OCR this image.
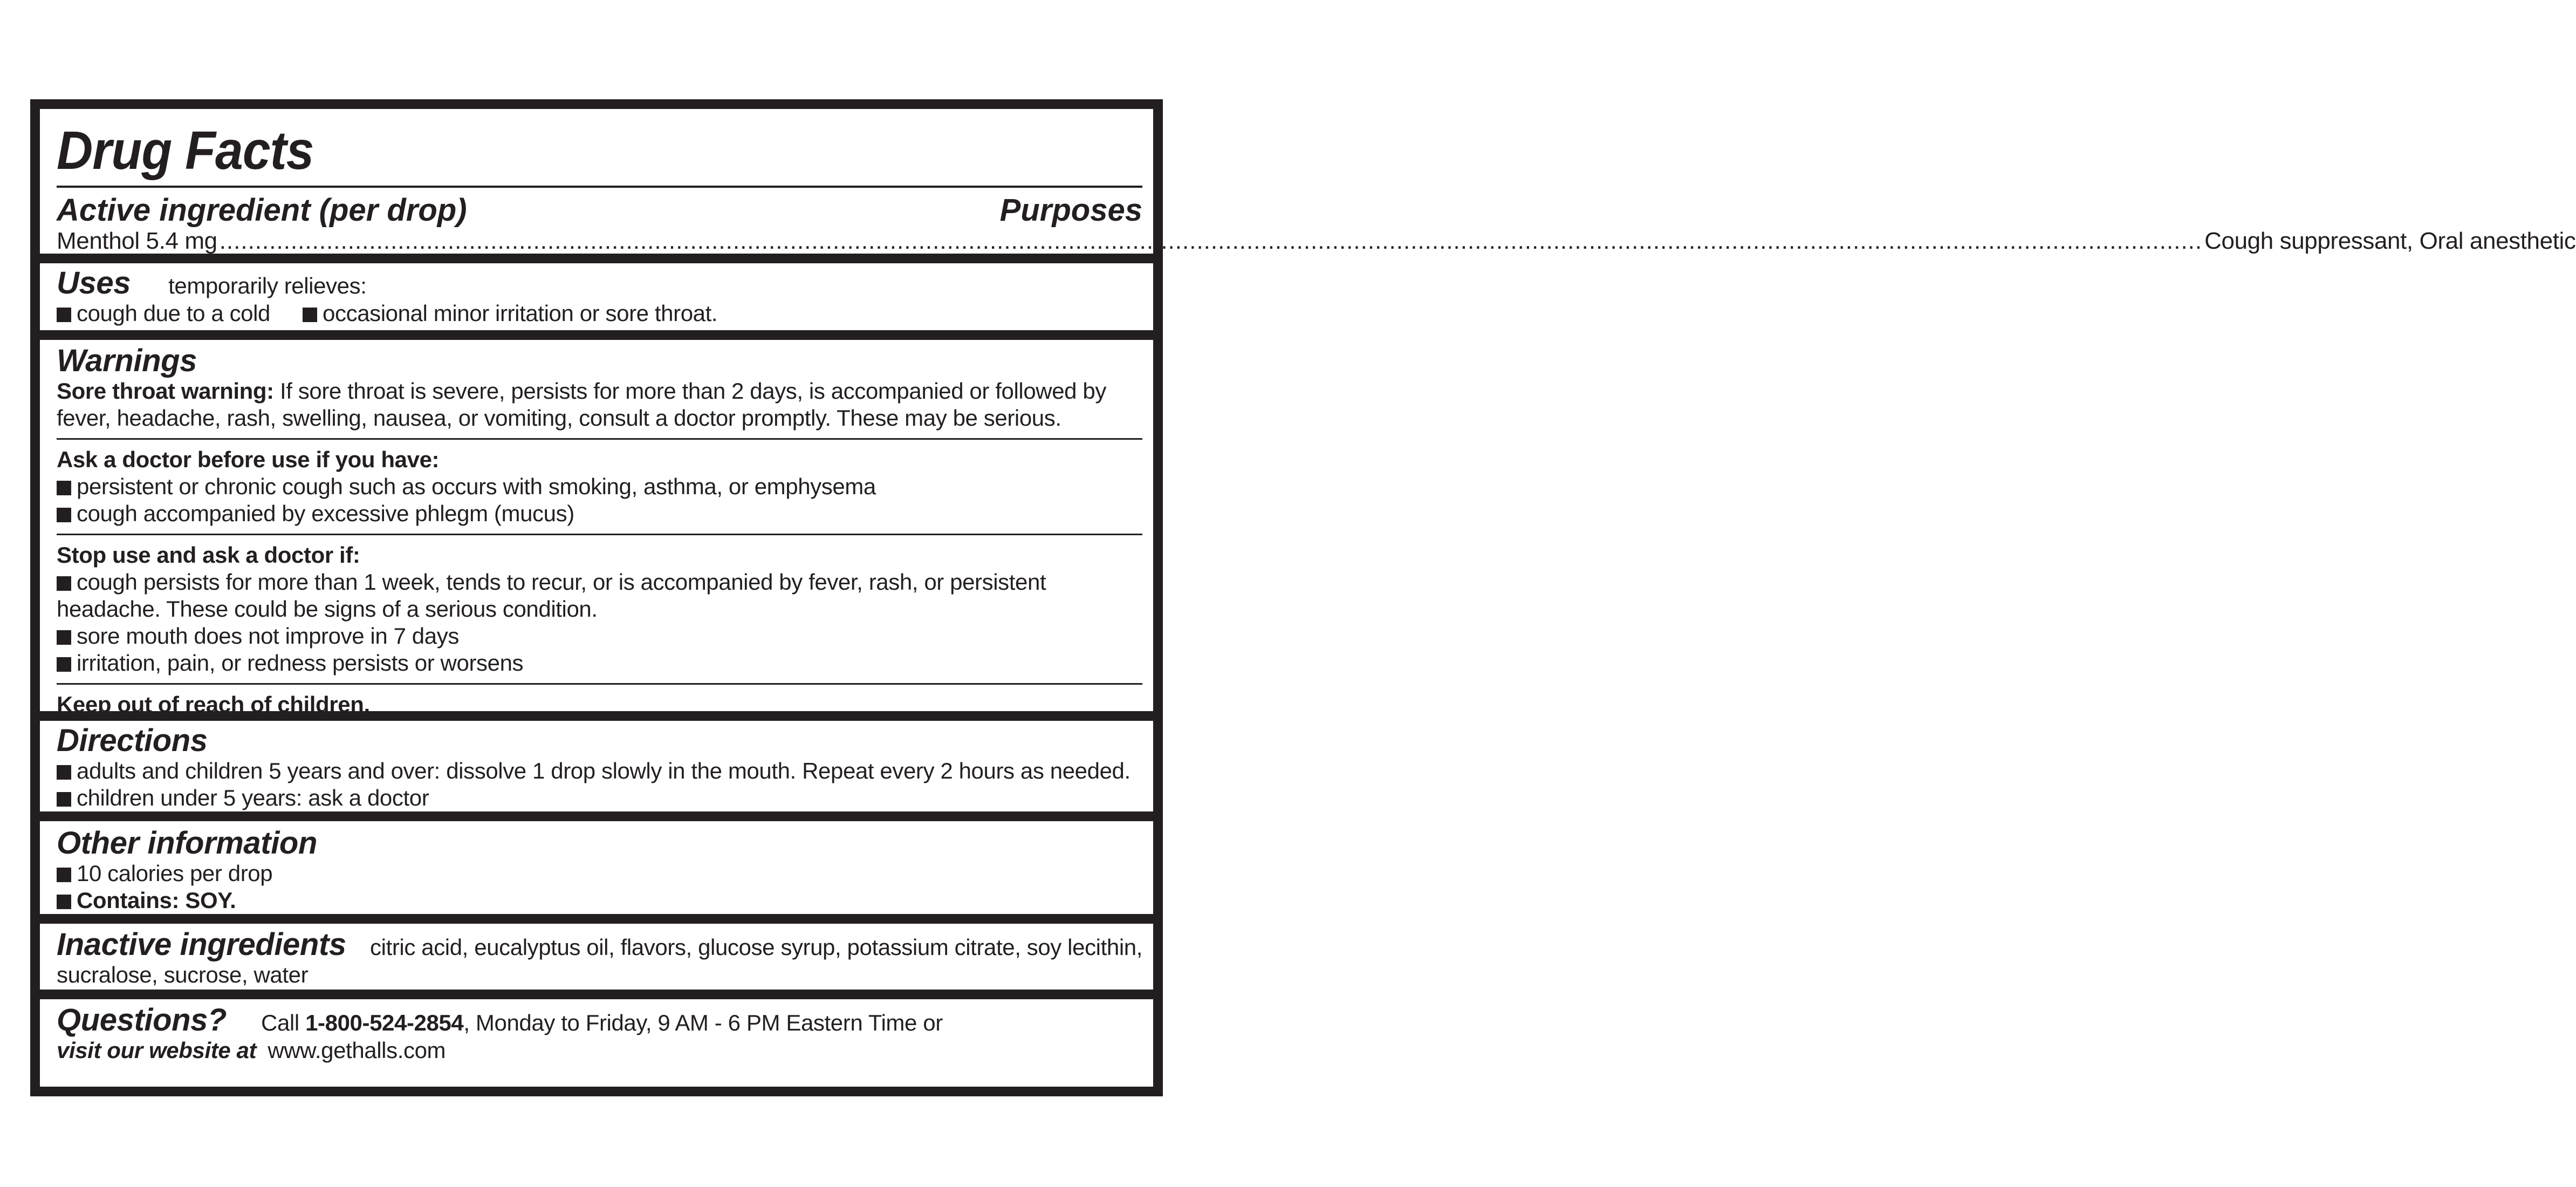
Drug Facts
Active ingredient (per drop)	Purposes
Menthol 5.4 mg ...................................................................................................................................................................................................................................................................................... Cough suppressant, Oral anesthetic
Uses temporarily relieves:
cough due to a cold occasional minor irritation or sore throat.
Warnings
Sore throat warning: If sore throat is severe, persists for more than 2 days, is accompanied or followed by fever, headache, rash, swelling, nausea, or vomiting, consult a doctor promptly. These may be serious.
Ask a doctor before use if you have:
persistent or chronic cough such as occurs with smoking, asthma, or emphysema
cough accompanied by excessive phlegm (mucus)
Stop use and ask a doctor if:
cough persists for more than 1 week, tends to recur, or is accompanied by fever, rash, or persistent headache. These could be signs of a serious condition.
sore mouth does not improve in 7 days
irritation, pain, or redness persists or worsens
Keep out of reach of children.
Directions
adults and children 5 years and over: dissolve 1 drop slowly in the mouth. Repeat every 2 hours as needed.
children under 5 years: ask a doctor
Other information
10 calories per drop
Contains: SOY.
Inactive ingredients citric acid, eucalyptus oil, flavors, glucose syrup, potassium citrate, soy lecithin,
sucralose, sucrose, water
Questions? Call 1-800-524-2854, Monday to Friday, 9 AM - 6 PM Eastern Time or
visit our website at www.gethalls.com
